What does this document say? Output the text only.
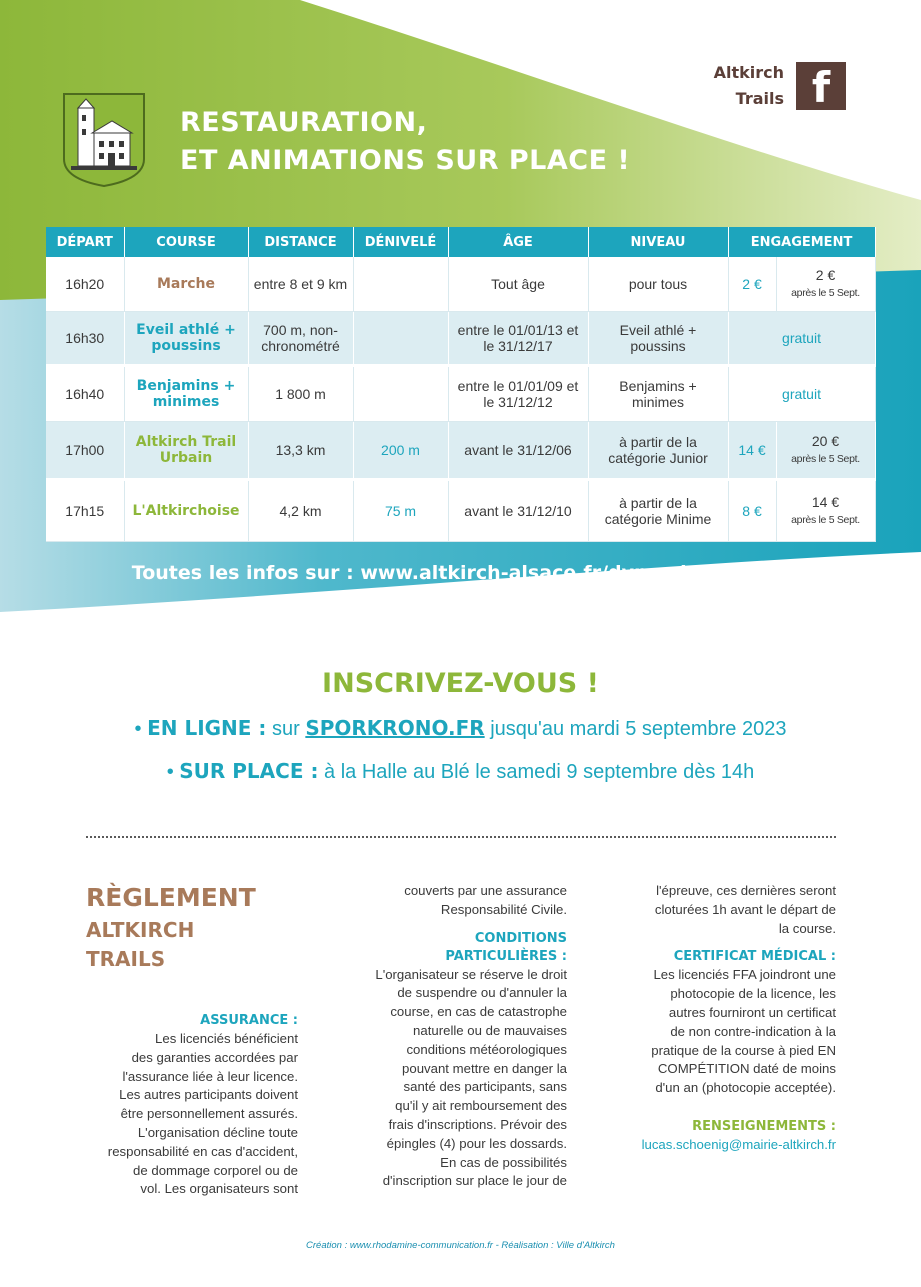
RESTAURATION,
ET ANIMATIONS SUR PLACE !
Altkirch
Trails f
DÉPART	COURSE	DISTANCE	DÉNIVELÉ	ÂGE	NIVEAU	ENGAGEMENT	
16h20	Marche	entre 8 et 9 km		Tout âge	pour tous	2 €	2 €
après le 5 Sept.
16h30	Eveil athlé + poussins	700 m, non-chronométré		entre le 01/01/13 et le 31/12/17	Eveil athlé + poussins	gratuit	
16h40	Benjamins + minimes	1 800 m		entre le 01/01/09 et le 31/12/12	Benjamins + minimes	gratuit	
17h00	Altkirch Trail Urbain	13,3 km	200 m	avant le 31/12/06	à partir de la catégorie Junior	14 €	20 €
après le 5 Sept.
17h15	L'Altkirchoise	4,2 km	75 m	avant le 31/12/10	à partir de la catégorie Minime	8 €	14 €
après le 5 Sept.
Toutes les infos sur : www.altkirch-alsace.fr/dynamique/trails
INSCRIVEZ-VOUS !
• EN LIGNE : sur SPORKRONO.FR jusqu'au mardi 5 septembre 2023
• SUR PLACE : à la Halle au Blé le samedi 9 septembre dès 14h
RÈGLEMENT
ALTKIRCH
TRAILS
ASSURANCE :

Les licenciés bénéficient

des garanties accordées par

l'assurance liée à leur licence.

Les autres participants doivent

être personnellement assurés.

L'organisation décline toute

responsabilité en cas d'accident,

de dommage corporel ou de

vol. Les organisateurs sont

couverts par une assurance

Responsabilité Civile.

CONDITIONS
PARTICULIÈRES :

L'organisateur se réserve le droit

de suspendre ou d'annuler la

course, en cas de catastrophe

naturelle ou de mauvaises

conditions météorologiques

pouvant mettre en danger la

santé des participants, sans

qu'il y ait remboursement des

frais d'inscriptions. Prévoir des

épingles (4) pour les dossards.

En cas de possibilités

d'inscription sur place le jour de

l'épreuve, ces dernières seront

cloturées 1h avant le départ de

la course.

CERTIFICAT MÉDICAL :

Les licenciés FFA joindront une

photocopie de la licence, les

autres fourniront un certificat

de non contre-indication à la

pratique de la course à pied EN

COMPÉTITION daté de moins

d'un an (photocopie acceptée).

RENSEIGNEMENTS :

lucas.schoenig@mairie-altkirch.fr

Création : www.rhodamine-communication.fr - Réalisation : Ville d'Altkirch
